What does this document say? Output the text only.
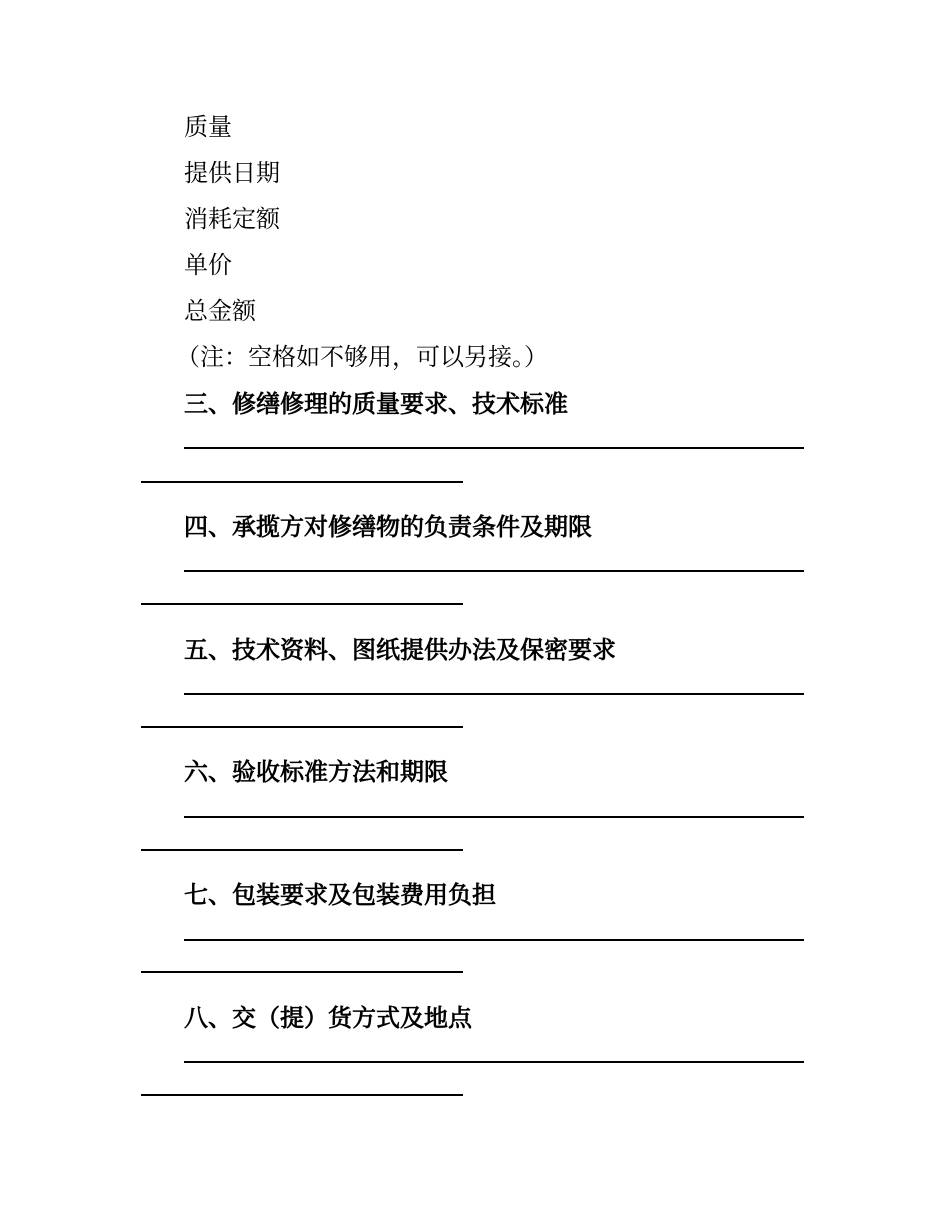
质量
提供日期
消耗定额
单价
总金额
（注：空格如不够用，可以另接。）
三、修缮修理的质量要求、技术标准
四、承揽方对修缮物的负责条件及期限
五、技术资料、图纸提供办法及保密要求
六、验收标准方法和期限
七、包装要求及包装费用负担
八、交（提）货方式及地点
